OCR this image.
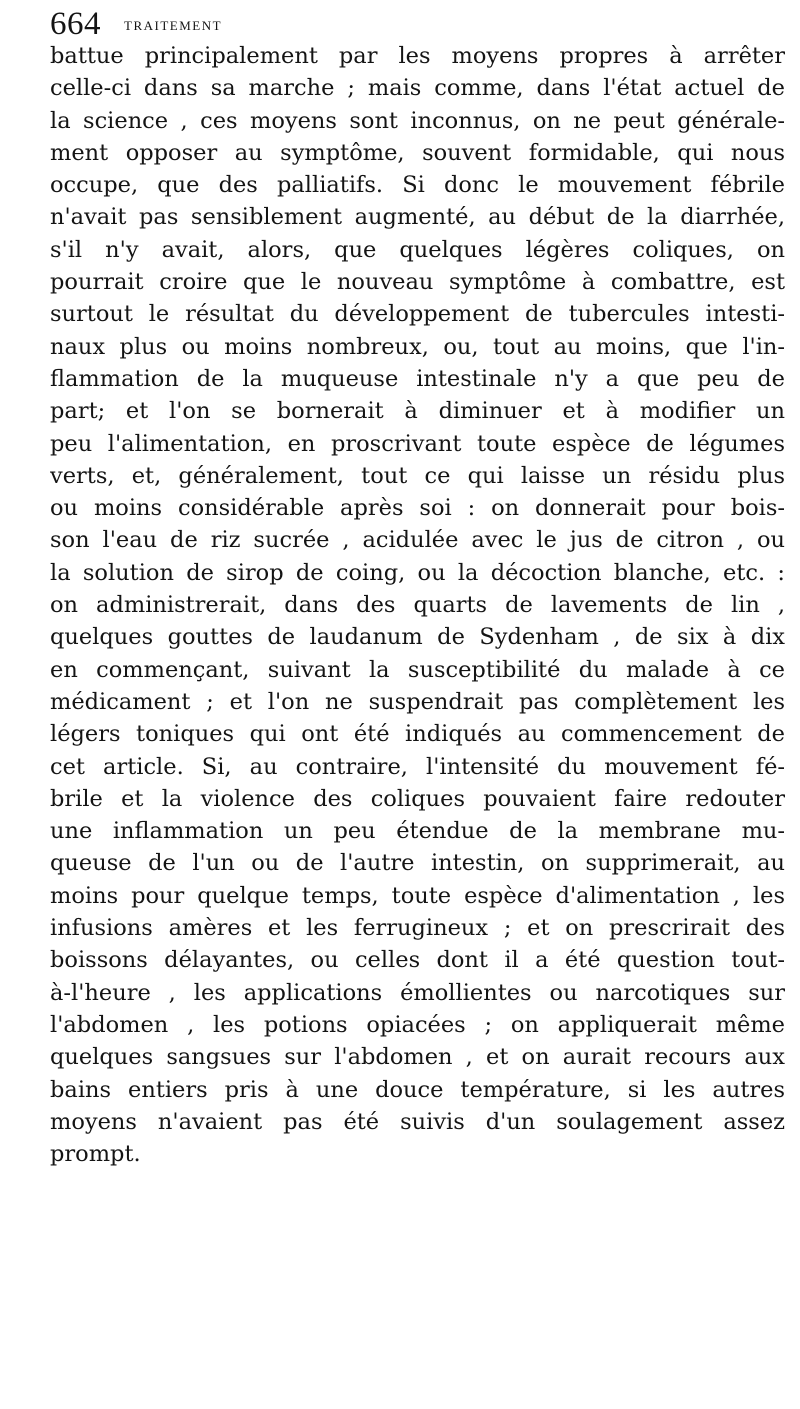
664 TRAITEMENT
battue principalement par les moyens propres à arrêter
celle-ci dans sa marche ; mais comme, dans l'état actuel de
la science , ces moyens sont inconnus, on ne peut générale-
ment opposer au symptôme, souvent formidable, qui nous
occupe, que des palliatifs. Si donc le mouvement fébrile
n'avait pas sensiblement augmenté, au début de la diarrhée,
s'il n'y avait, alors, que quelques légères coliques, on
pourrait croire que le nouveau symptôme à combattre, est
surtout le résultat du développement de tubercules intesti-
naux plus ou moins nombreux, ou, tout au moins, que l'in-
flammation de la muqueuse intestinale n'y a que peu de
part; et l'on se bornerait à diminuer et à modifier un
peu l'alimentation, en proscrivant toute espèce de légumes
verts, et, généralement, tout ce qui laisse un résidu plus
ou moins considérable après soi : on donnerait pour bois-
son l'eau de riz sucrée , acidulée avec le jus de citron , ou
la solution de sirop de coing, ou la décoction blanche, etc. :
on administrerait, dans des quarts de lavements de lin ,
quelques gouttes de laudanum de Sydenham , de six à dix
en commençant, suivant la susceptibilité du malade à ce
médicament ; et l'on ne suspendrait pas complètement les
légers toniques qui ont été indiqués au commencement de
cet article. Si, au contraire, l'intensité du mouvement fé-
brile et la violence des coliques pouvaient faire redouter
une inflammation un peu étendue de la membrane mu-
queuse de l'un ou de l'autre intestin, on supprimerait, au
moins pour quelque temps, toute espèce d'alimentation , les
infusions amères et les ferrugineux ; et on prescrirait des
boissons délayantes, ou celles dont il a été question tout-
à-l'heure , les applications émollientes ou narcotiques sur
l'abdomen , les potions opiacées ; on appliquerait même
quelques sangsues sur l'abdomen , et on aurait recours aux
bains entiers pris à une douce température, si les autres
moyens n'avaient pas été suivis d'un soulagement assez
prompt.
